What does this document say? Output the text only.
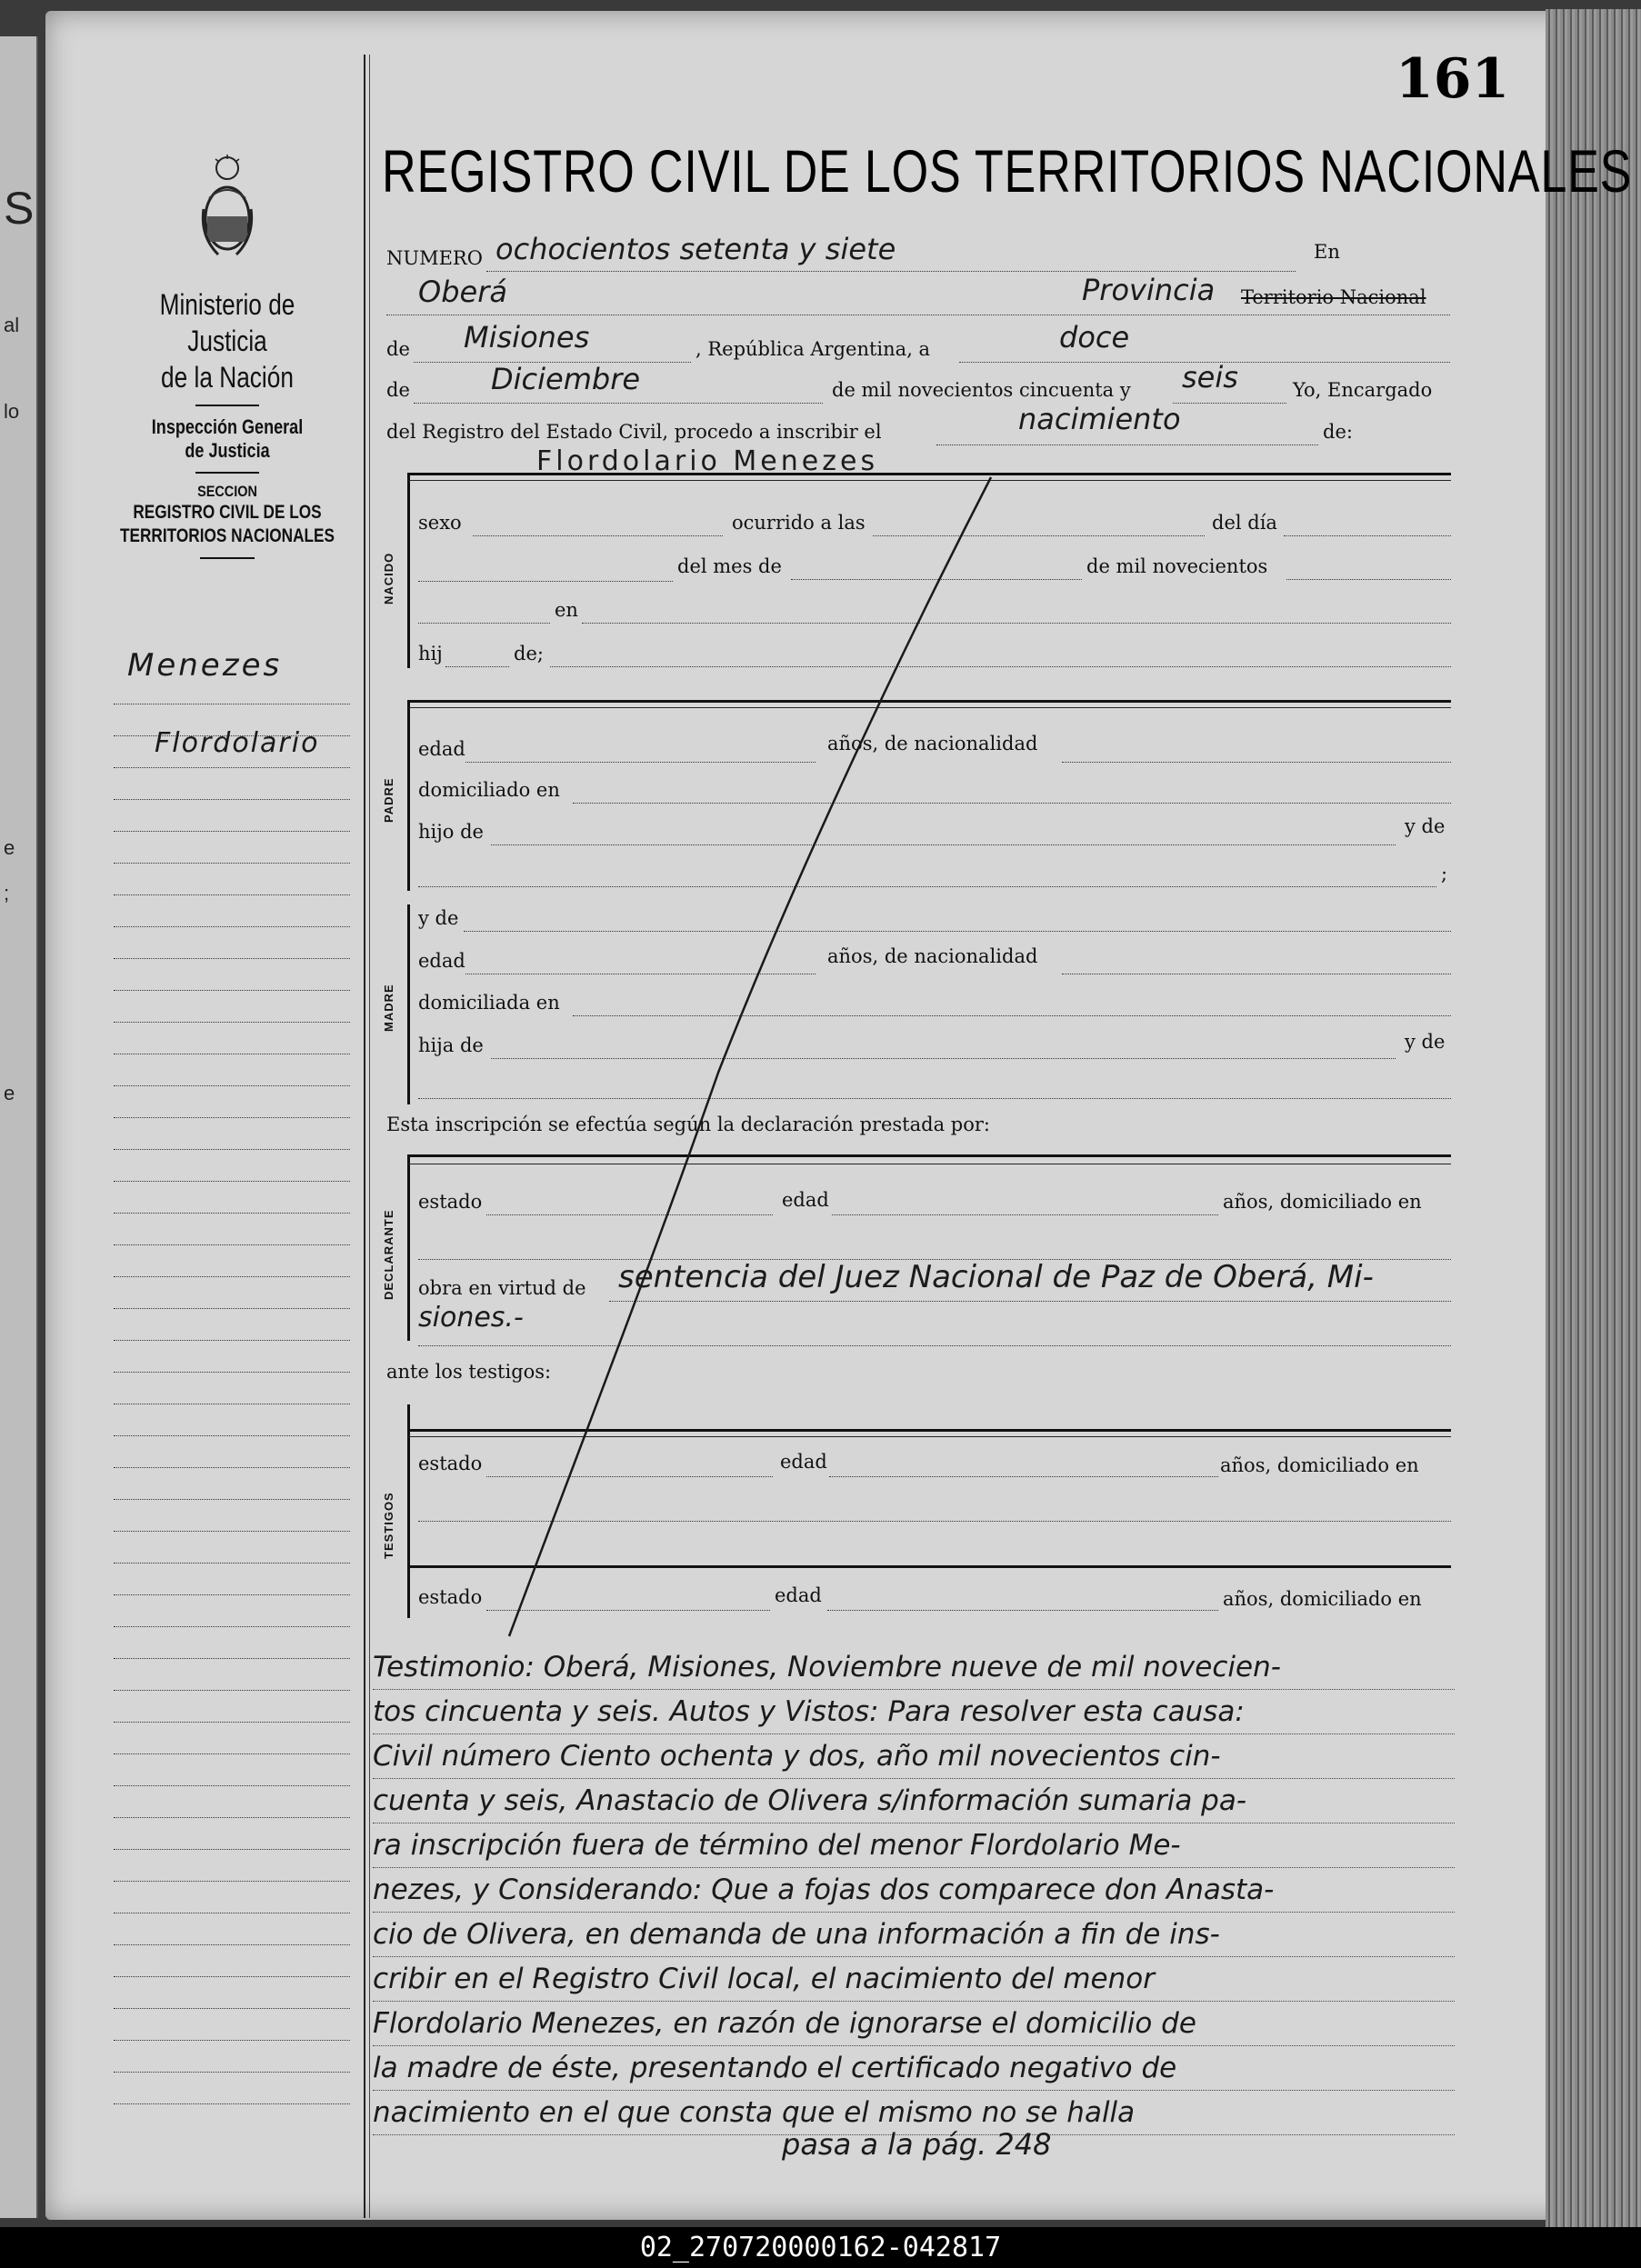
S
al
lo
e
;
e
161
Ministerio de Justicia
de la Nación
Inspección General
de Justicia
SECCION
REGISTRO CIVIL DE LOS
TERRITORIOS NACIONALES
Menezes
Flordolario
REGISTRO CIVIL DE LOS TERRITORIOS NACIONALES
NUMERO ochocientos setenta y siete	En
Oberá	Provincia Territorio Nacional
de Misiones	, República Argentina, a	doce
de	Diciembre	de mil novecientos cincuenta y seis	Yo, Encargado
del Registro del Estado Civil, procedo a inscribir el	nacimiento	de:
Flordolario Menezes
NACIDO
sexo	ocurrido a las	del día
del mes de	de mil novecientos
en
hij	de;
PADRE
edad	años, de nacionalidad
domiciliado en
hijo de	y de
;
y de
MADRE
edad	años, de nacionalidad
domiciliada en
hija de	y de
Esta inscripción se efectúa según la declaración prestada por:
DECLARANTE
estado	edad	años, domiciliado en
obra en virtud de sentencia del Juez Nacional de Paz de Oberá, Mi-
siones.-
ante los testigos:
TESTIGOS
estado	edad	años, domiciliado en
estado	edad	años, domiciliado en
Testimonio: Oberá, Misiones, Noviembre nueve de mil novecien-
tos cincuenta y seis. Autos y Vistos: Para resolver esta causa:
Civil número Ciento ochenta y dos, año mil novecientos cin-
cuenta y seis, Anastacio de Olivera s/información sumaria pa-
ra inscripción fuera de término del menor Flordolario Me-
nezes, y Considerando: Que a fojas dos comparece don Anasta-
cio de Olivera, en demanda de una información a fin de ins-
cribir en el Registro Civil local, el nacimiento del menor
Flordolario Menezes, en razón de ignorarse el domicilio de
la madre de éste, presentando el certificado negativo de
nacimiento en el que consta que el mismo no se halla
pasa a la pág. 248
02_270720000162-042817
